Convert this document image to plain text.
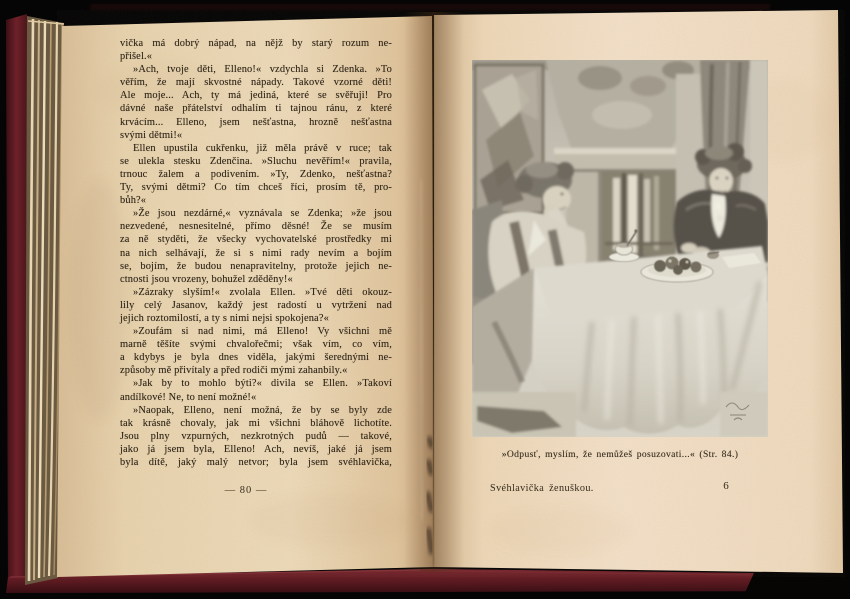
vička má dobrý nápad, na nějž by starý rozum ne-
přišel.«
»Ach, tvoje děti, Elleno!« vzdychla si Zdenka. »To
věřím, že mají skvostné nápady. Takové vzorné děti!
Ale moje... Ach, ty má jediná, které se svěřuji! Pro
dávné naše přátelství odhalím ti tajnou ránu, z které
krvácím... Elleno, jsem nešťastna, hrozně nešťastna
svými dětmi!«
Ellen upustila cukřenku, již měla právě v ruce; tak
se ulekla stesku Zdenčina. »Sluchu nevěřím!« pravila,
trnouc žalem a podivením. »Ty, Zdenko, nešťastna?
Ty, svými dětmi? Co tím chceš říci, prosím tě, pro-
bůh?«
»Že jsou nezdárné,« vyznávala se Zdenka; »že jsou
nezvedené, nesnesitelné, přímo děsné! Že se musím
za ně styděti, že všecky vychovatelské prostředky mi
na nich selhávají, že si s nimi rady nevím a bojím
se, bojím, že budou nenapravitelny, protože jejich ne-
ctnosti jsou vrozeny, bohužel zděděny!«
»Zázraky slyším!« zvolala Ellen. »Tvé děti okouz-
lily celý Jasanov, každý jest radostí u vytržení nad
jejich roztomilostí, a ty s nimi nejsi spokojena?«
»Zoufám si nad nimi, má Elleno! Vy všichni mě
marně těšíte svými chvalořečmi; však vím, co vím,
a kdybys je byla dnes viděla, jakými šerednými ne-
způsoby mě přivítaly a před rodiči mými zahanbily.«
»Jak by to mohlo býti?« divila se Ellen. »Takoví
andílkové! Ne, to není možné!«
»Naopak, Elleno, není možná, že by se byly zde
tak krásně chovaly, jak mi všichni bláhově lichotíte.
Jsou plny vzpurných, nezkrotných pudů — takové,
jako já jsem byla, Elleno! Ach, nevíš, jaké já jsem
byla dítě, jaký malý netvor; byla jsem svéhlavička,
— 80 —
»Odpusť, myslím, že nemůžeš posuzovati...« (Str. 84.)
Svéhlavička ženuškou.	6
